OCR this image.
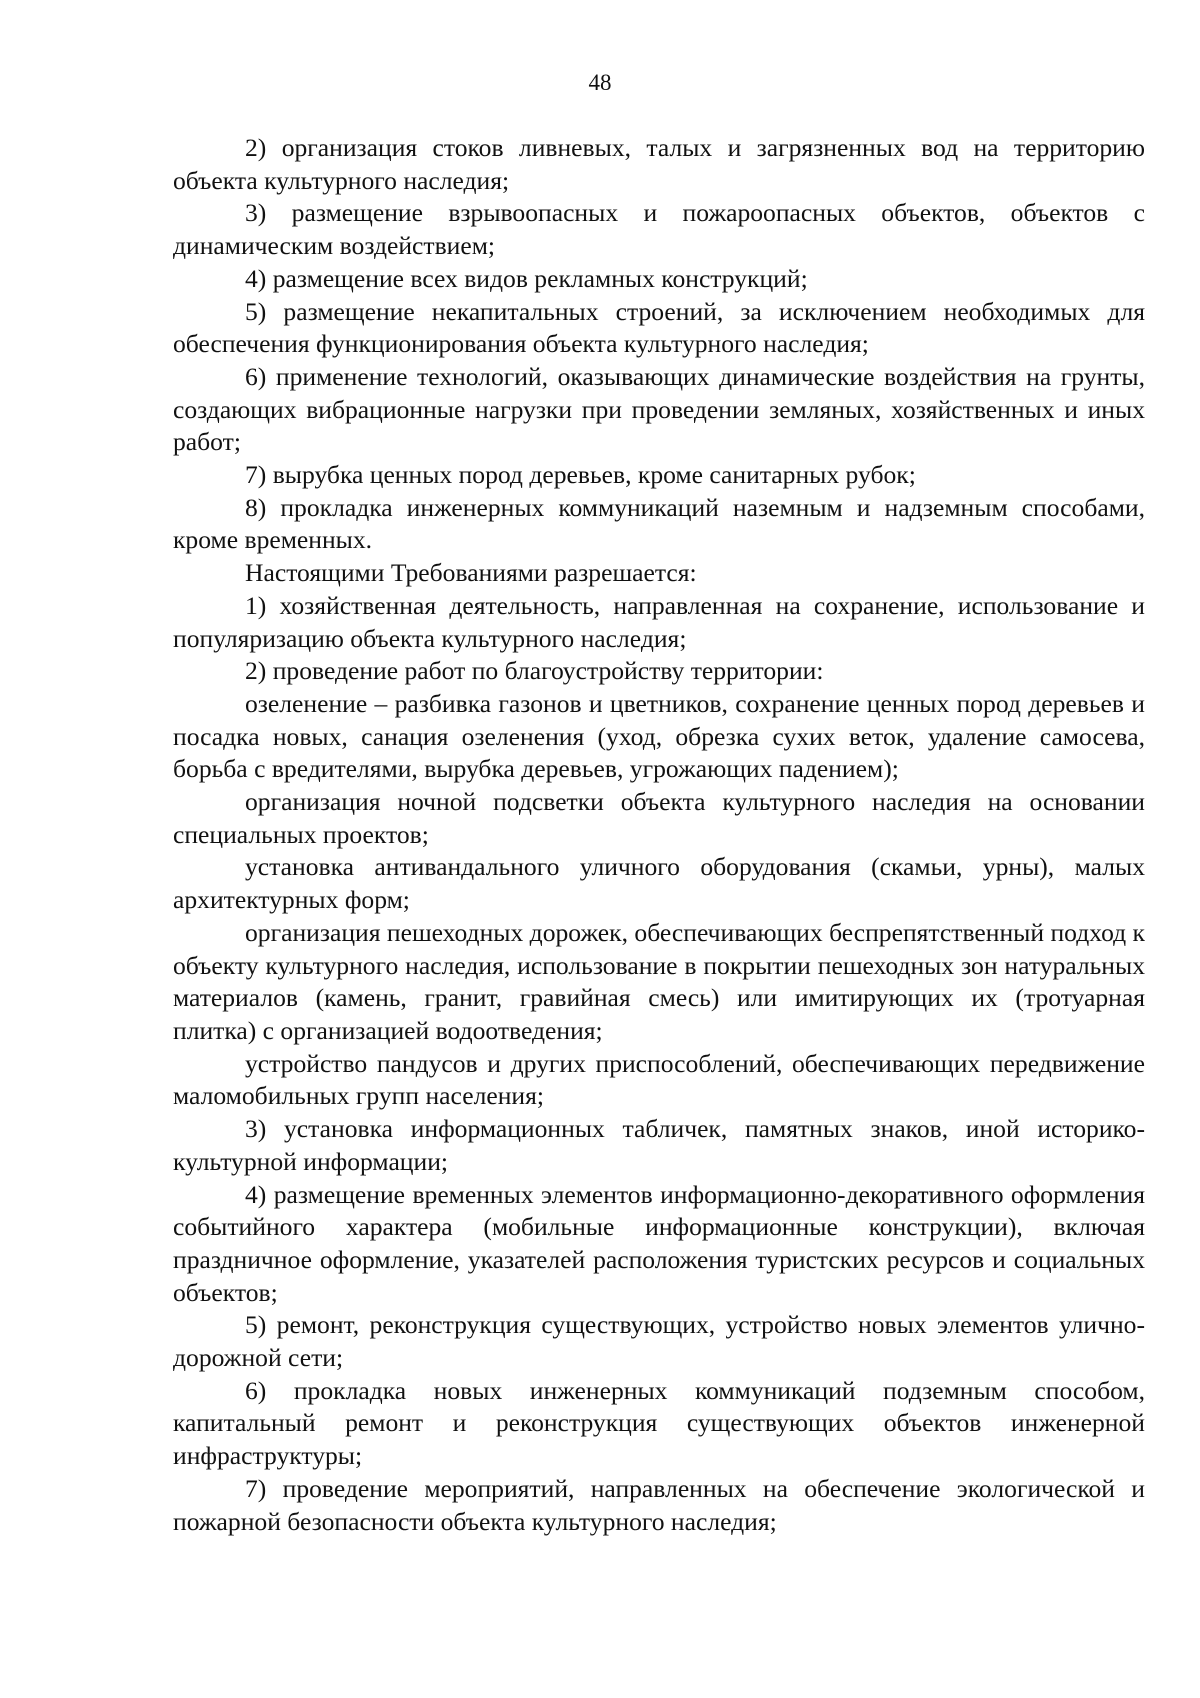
48

2) организация стоков ливневых, талых и загрязненных вод на территорию объекта культурного наследия;

3) размещение взрывоопасных и пожароопасных объектов, объектов с динамическим воздействием;

4) размещение всех видов рекламных конструкций;

5) размещение некапитальных строений, за исключением необходимых для обеспечения функционирования объекта культурного наследия;

6) применение технологий, оказывающих динамические воздействия на грунты, создающих вибрационные нагрузки при проведении земляных, хозяйственных и иных работ;

7) вырубка ценных пород деревьев, кроме санитарных рубок;

8) прокладка инженерных коммуникаций наземным и надземным способами, кроме временных.

Настоящими Требованиями разрешается:

1) хозяйственная деятельность, направленная на сохранение, использование и популяризацию объекта культурного наследия;

2) проведение работ по благоустройству территории:

озеленение – разбивка газонов и цветников, сохранение ценных пород деревьев и посадка новых, санация озеленения (уход, обрезка сухих веток, удаление самосева, борьба с вредителями, вырубка деревьев, угрожающих падением);

организация ночной подсветки объекта культурного наследия на основании специальных проектов;

установка антивандального уличного оборудования (скамьи, урны), малых архитектурных форм;

организация пешеходных дорожек, обеспечивающих беспрепятственный подход к объекту культурного наследия, использование в покрытии пешеходных зон натуральных материалов (камень, гранит, гравийная смесь) или имитирующих их (тротуарная плитка) с организацией водоотведения;

устройство пандусов и других приспособлений, обеспечивающих передвижение маломобильных групп населения;

3) установка информационных табличек, памятных знаков, иной историко-культурной информации;

4) размещение временных элементов информационно-декоративного оформления событийного характера (мобильные информационные конструкции), включая праздничное оформление, указателей расположения туристских ресурсов и социальных объектов;

5) ремонт, реконструкция существующих, устройство новых элементов улично-дорожной сети;

6) прокладка новых инженерных коммуникаций подземным способом, капитальный ремонт и реконструкция существующих объектов инженерной инфраструктуры;

7) проведение мероприятий, направленных на обеспечение экологической и пожарной безопасности объекта культурного наследия;
